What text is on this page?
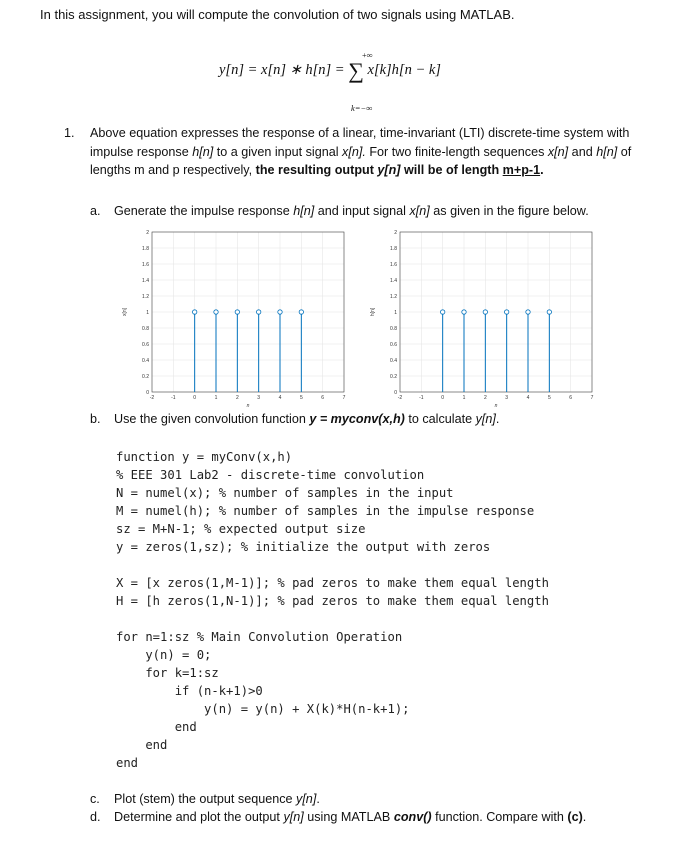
In this assignment, you will compute the convolution of two signals using MATLAB.
+∞
y[n] = x[n] ∗ h[n] = ∑ x[k]h[n − k]
k=−∞
1. Above equation expresses the response of a linear, time-invariant (LTI) discrete-time system with impulse response h[n] to a given input signal x[n]. For two finite-length sequences x[n] and h[n] of lengths m and p respectively, the resulting output y[n] will be of length m+p-1.
a. Generate the impulse response h[n] and input signal x[n] as given in the figure below.
-2	-1	0	1	2	3	4	5	6	7
0
0.2
0.4
0.6
0.8
1
1.2
1.4
1.6
1.8
2
n
x[n]
-2	-1	0	1	2	3	4	5	6	7
0
0.2
0.4
0.6
0.8
1
1.2
1.4
1.6
1.8
2
n
h[n]
b. Use the given convolution function y = myconv(x,h) to calculate y[n].
function y = myConv(x,h)
% EEE 301 Lab2 - discrete-time convolution
N = numel(x); % number of samples in the input
M = numel(h); % number of samples in the impulse response
sz = M+N-1; % expected output size
y = zeros(1,sz); % initialize the output with zeros

X = [x zeros(1,M-1)]; % pad zeros to make them equal length
H = [h zeros(1,N-1)]; % pad zeros to make them equal length

for n=1:sz % Main Convolution Operation
y(n) = 0;
for k=1:sz
if (n-k+1)>0
y(n) = y(n) + X(k)*H(n-k+1);
end
end
end
c. Plot (stem) the output sequence y[n].
d. Determine and plot the output y[n] using MATLAB conv() function. Compare with (c).
